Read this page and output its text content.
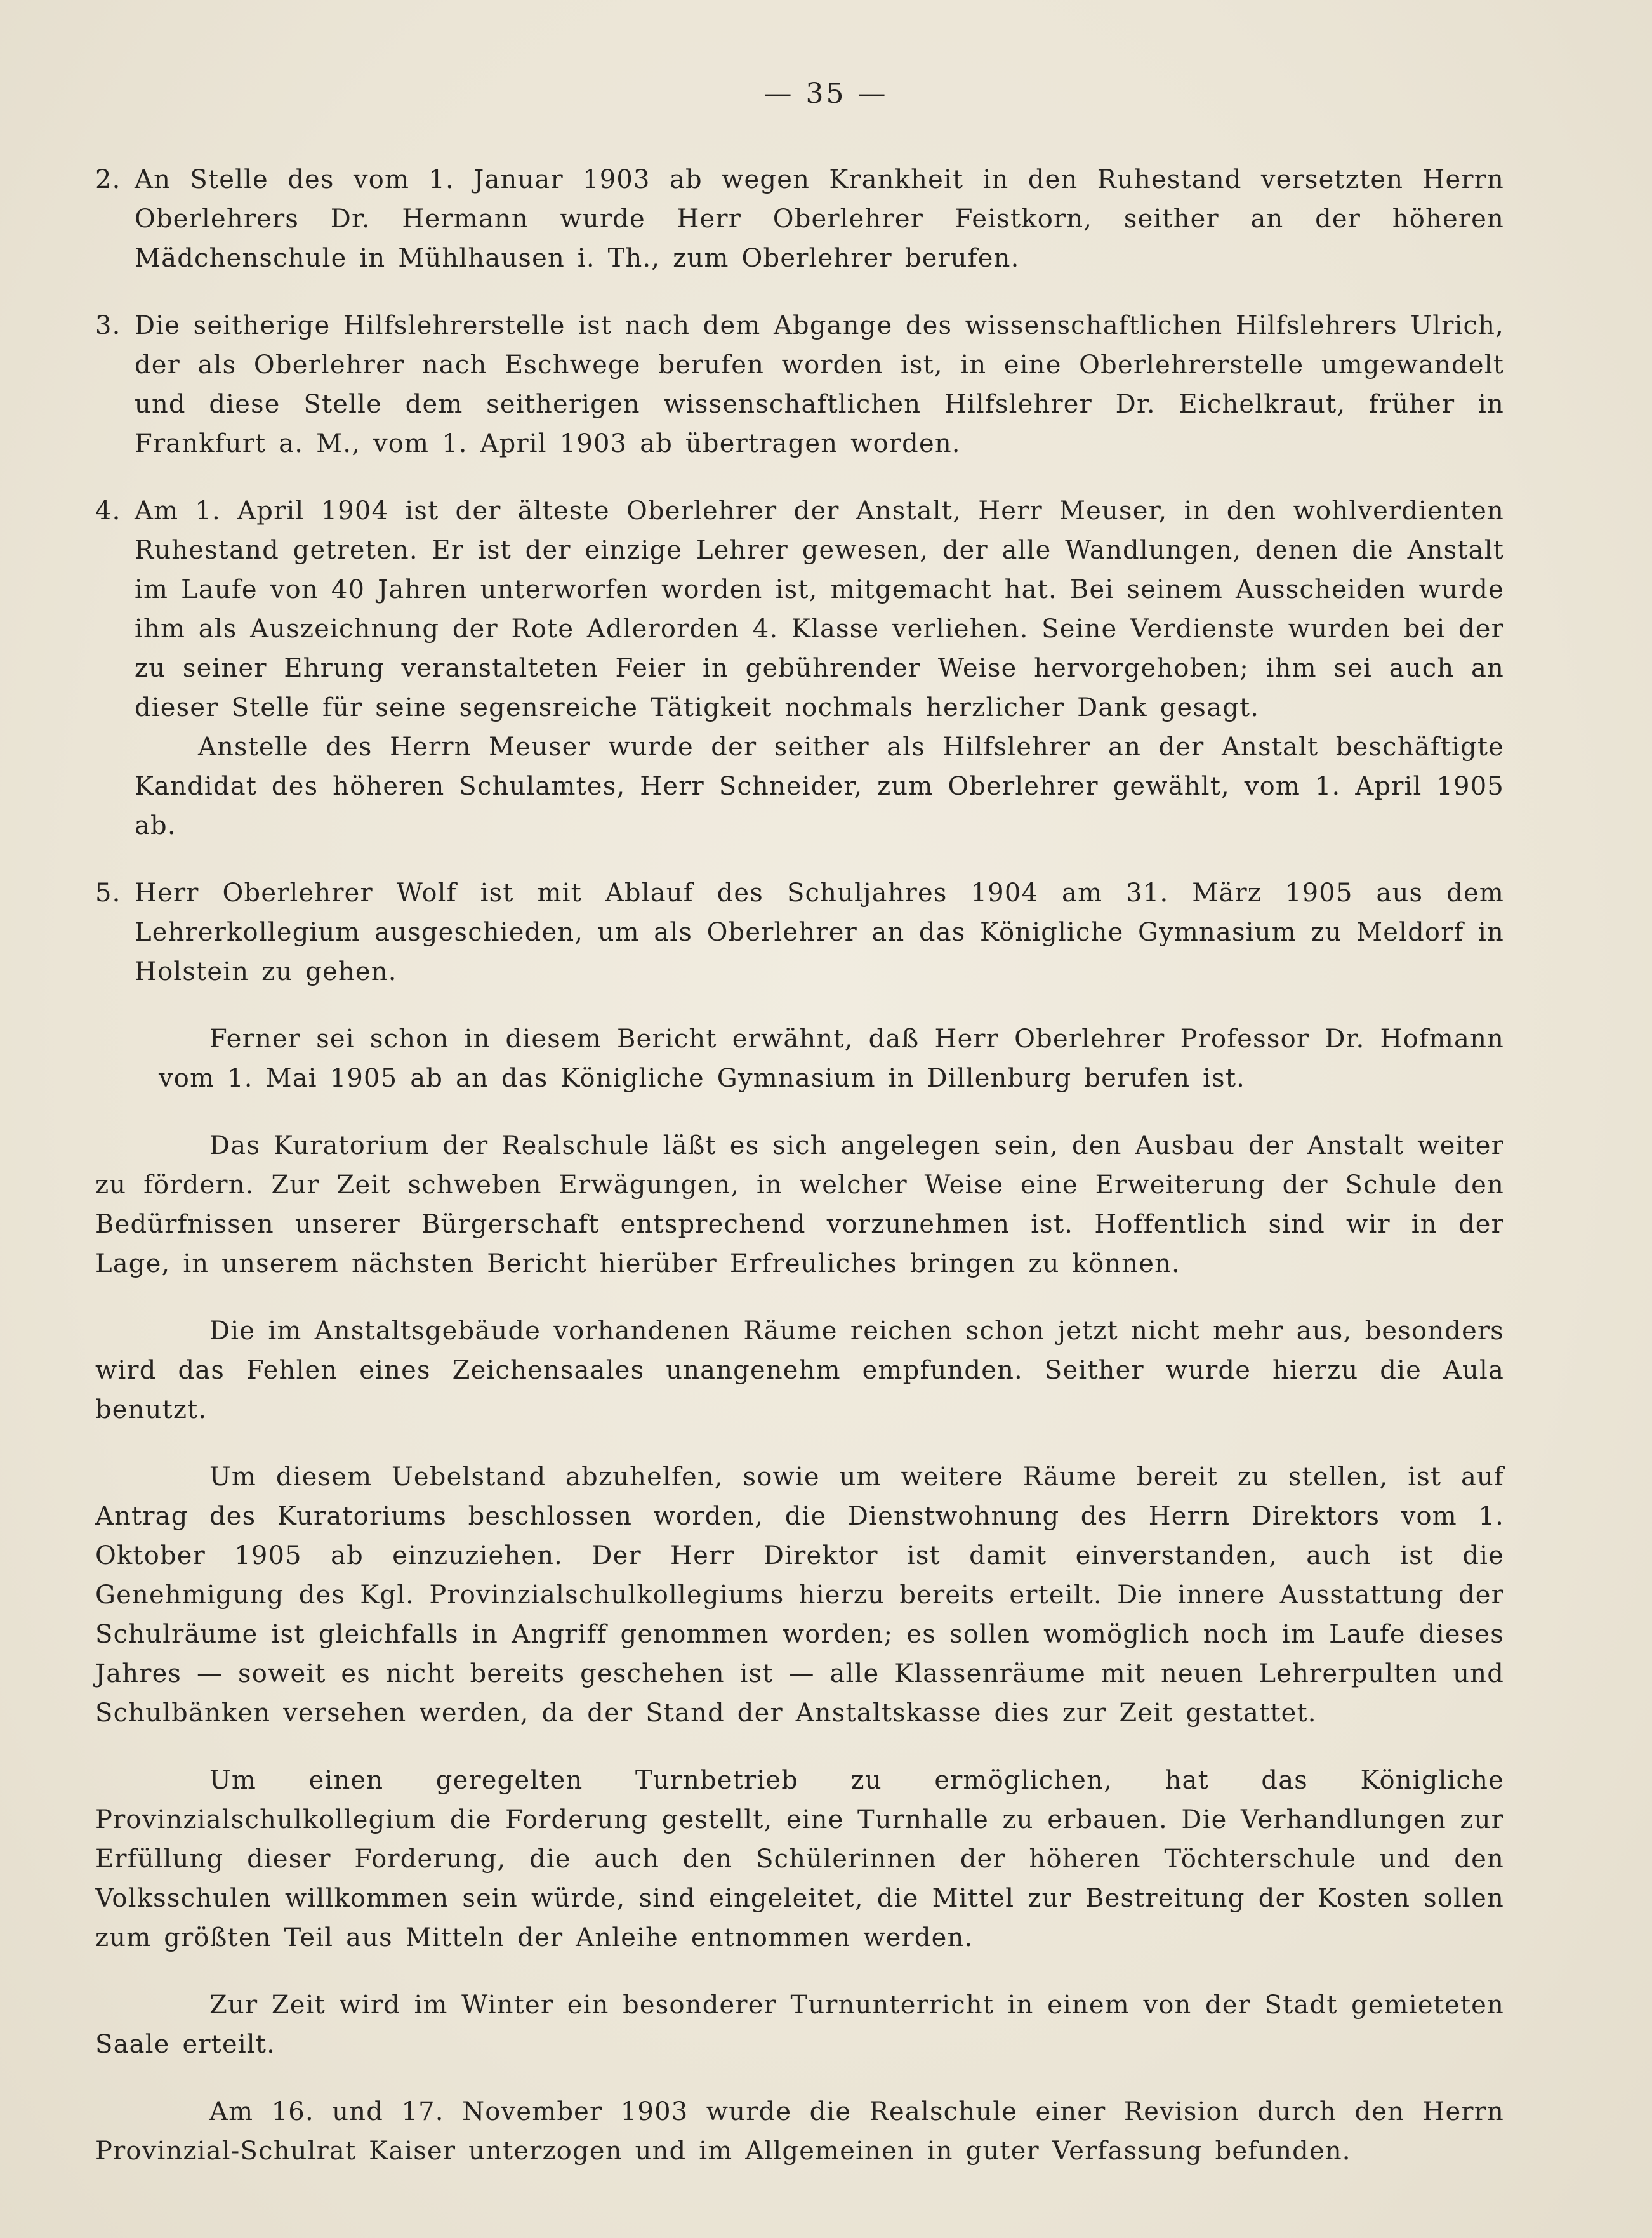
— 35 —
2. An Stelle des vom 1. Januar 1903 ab wegen Krankheit in den Ruhestand versetzten Herrn Oberlehrers Dr. Hermann wurde Herr Oberlehrer Feistkorn, seither an der höheren Mädchenschule in Mühlhausen i. Th., zum Oberlehrer berufen.

3. Die seitherige Hilfslehrerstelle ist nach dem Abgange des wissenschaftlichen Hilfslehrers Ulrich, der als Oberlehrer nach Eschwege berufen worden ist, in eine Oberlehrerstelle umgewandelt und diese Stelle dem seitherigen wissenschaftlichen Hilfslehrer Dr. Eichelkraut, früher in Frankfurt a. M., vom 1. April 1903 ab übertragen worden.

4. Am 1. April 1904 ist der älteste Oberlehrer der Anstalt, Herr Meuser, in den wohlverdienten Ruhestand getreten. Er ist der einzige Lehrer gewesen, der alle Wandlungen, denen die Anstalt im Laufe von 40 Jahren unterworfen worden ist, mitgemacht hat. Bei seinem Ausscheiden wurde ihm als Auszeichnung der Rote Adlerorden 4. Klasse verliehen. Seine Verdienste wurden bei der zu seiner Ehrung veranstalteten Feier in gebührender Weise hervorgehoben; ihm sei auch an dieser Stelle für seine segensreiche Tätigkeit nochmals herzlicher Dank gesagt.

Anstelle des Herrn Meuser wurde der seither als Hilfslehrer an der Anstalt beschäftigte Kandidat des höheren Schulamtes, Herr Schneider, zum Oberlehrer gewählt, vom 1. April 1905 ab.

5. Herr Oberlehrer Wolf ist mit Ablauf des Schuljahres 1904 am 31. März 1905 aus dem Lehrerkollegium ausgeschieden, um als Oberlehrer an das Königliche Gymnasium zu Meldorf in Holstein zu gehen.

Ferner sei schon in diesem Bericht erwähnt, daß Herr Oberlehrer Professor Dr. Hofmann vom 1. Mai 1905 ab an das Königliche Gymnasium in Dillenburg berufen ist.

Das Kuratorium der Realschule läßt es sich angelegen sein, den Ausbau der Anstalt weiter zu fördern. Zur Zeit schweben Erwägungen, in welcher Weise eine Erweiterung der Schule den Bedürfnissen unserer Bürgerschaft entsprechend vorzunehmen ist. Hoffentlich sind wir in der Lage, in unserem nächsten Bericht hierüber Erfreuliches bringen zu können.

Die im Anstaltsgebäude vorhandenen Räume reichen schon jetzt nicht mehr aus, besonders wird das Fehlen eines Zeichensaales unangenehm empfunden. Seither wurde hierzu die Aula benutzt.

Um diesem Uebelstand abzuhelfen, sowie um weitere Räume bereit zu stellen, ist auf Antrag des Kuratoriums beschlossen worden, die Dienstwohnung des Herrn Direktors vom 1. Oktober 1905 ab einzuziehen. Der Herr Direktor ist damit einverstanden, auch ist die Genehmigung des Kgl. Provinzialschulkollegiums hierzu bereits erteilt. Die innere Ausstattung der Schulräume ist gleichfalls in Angriff genommen worden; es sollen womöglich noch im Laufe dieses Jahres — soweit es nicht bereits geschehen ist — alle Klassenräume mit neuen Lehrerpulten und Schulbänken versehen werden, da der Stand der Anstaltskasse dies zur Zeit gestattet.

Um einen geregelten Turnbetrieb zu ermöglichen, hat das Königliche Provinzialschulkollegium die Forderung gestellt, eine Turnhalle zu erbauen. Die Verhandlungen zur Erfüllung dieser Forderung, die auch den Schülerinnen der höheren Töchterschule und den Volksschulen willkommen sein würde, sind eingeleitet, die Mittel zur Bestreitung der Kosten sollen zum größten Teil aus Mitteln der Anleihe entnommen werden.

Zur Zeit wird im Winter ein besonderer Turnunterricht in einem von der Stadt gemieteten Saale erteilt.

Am 16. und 17. November 1903 wurde die Realschule einer Revision durch den Herrn Provinzial-Schulrat Kaiser unterzogen und im Allgemeinen in guter Verfassung befunden.
